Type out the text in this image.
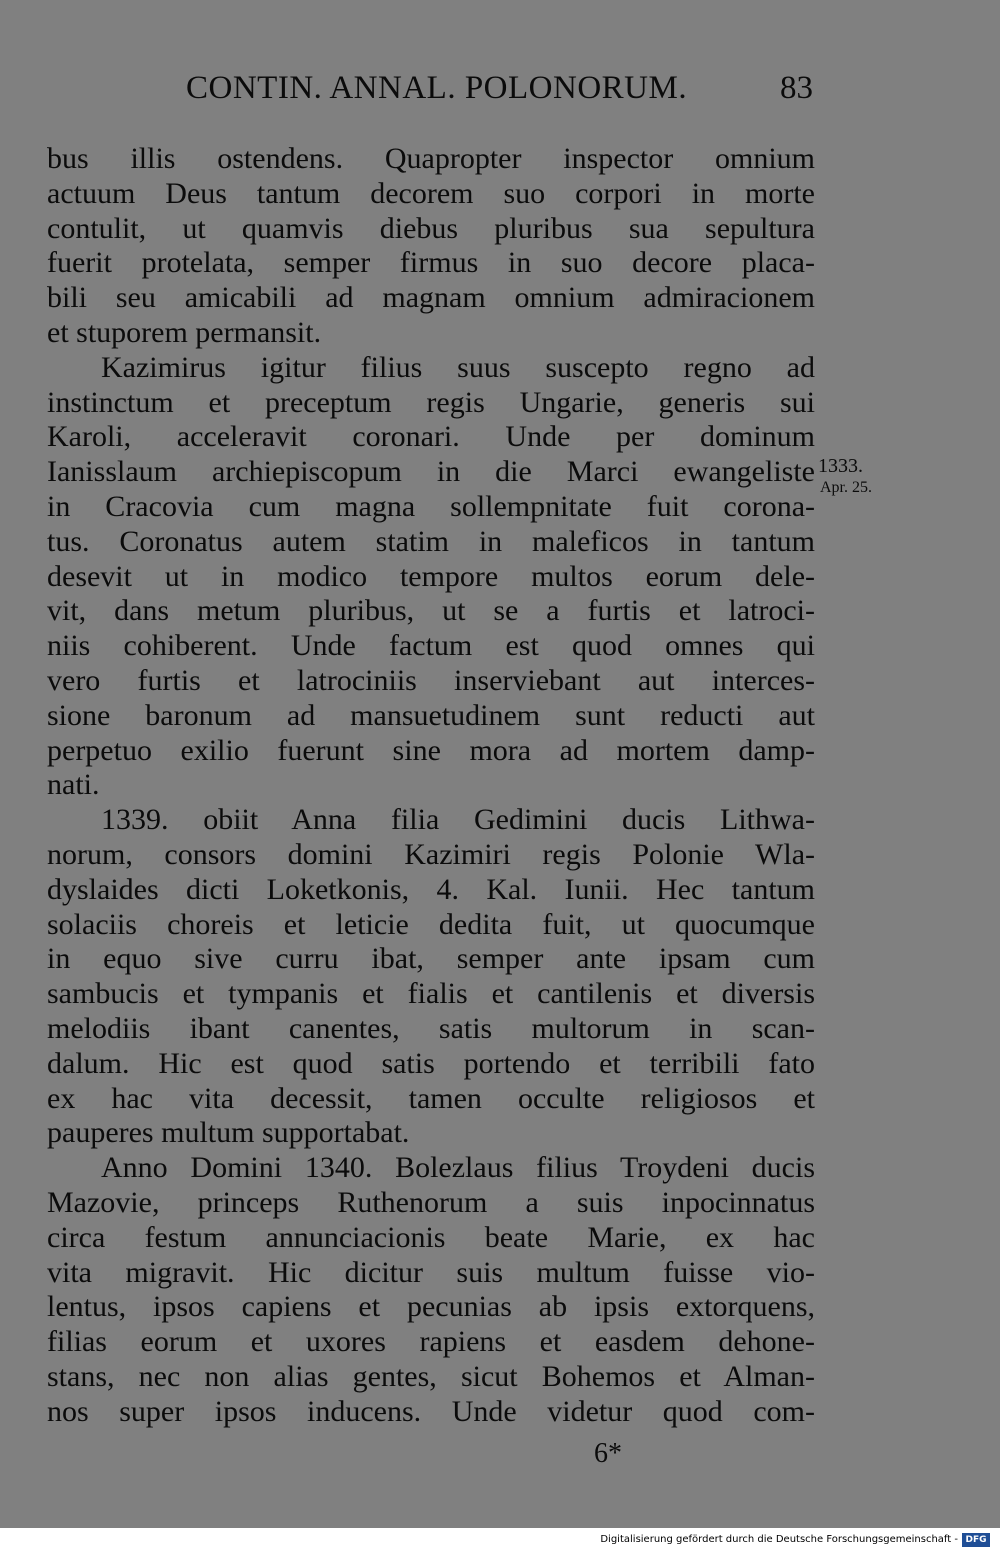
CONTIN. ANNAL. POLONORUM.	83
bus illis ostendens. Quapropter inspector omnium
actuum Deus tantum decorem suo corpori in morte
contulit, ut quamvis diebus pluribus sua sepultura
fuerit protelata, semper firmus in suo decore placa-
bili seu amicabili ad magnam omnium admiracionem
et stuporem permansit.
Kazimirus igitur filius suus suscepto regno ad
instinctum et preceptum regis Ungarie, generis sui
Karoli, acceleravit coronari. Unde per dominum
Ianisslaum archiepiscopum in die Marci ewangeliste
in Cracovia cum magna sollempnitate fuit corona-
tus. Coronatus autem statim in maleficos in tantum
desevit ut in modico tempore multos eorum dele-
vit, dans metum pluribus, ut se a furtis et latroci-
niis cohiberent. Unde factum est quod omnes qui
vero furtis et latrociniis inserviebant aut interces-
sione baronum ad mansuetudinem sunt reducti aut
perpetuo exilio fuerunt sine mora ad mortem damp-
nati.
1339. obiit Anna filia Gedimini ducis Lithwa-
norum, consors domini Kazimiri regis Polonie Wla-
dyslaides dicti Loketkonis, 4. Kal. Iunii. Hec tantum
solaciis choreis et leticie dedita fuit, ut quocumque
in equo sive curru ibat, semper ante ipsam cum
sambucis et tympanis et fialis et cantilenis et diversis
melodiis ibant canentes, satis multorum in scan-
dalum. Hic est quod satis portendo et terribili fato
ex hac vita decessit, tamen occulte religiosos et
pauperes multum supportabat.
Anno Domini 1340. Bolezlaus filius Troydeni ducis
Mazovie, princeps Ruthenorum a suis inpocinnatus
circa festum annunciacionis beate Marie, ex hac
vita migravit. Hic dicitur suis multum fuisse vio-
lentus, ipsos capiens et pecunias ab ipsis extorquens,
filias eorum et uxores rapiens et easdem dehone-
stans, nec non alias gentes, sicut Bohemos et Alman-
nos super ipsos inducens. Unde videtur quod com-
1333.
Apr. 25.
6*
Digitalisierung gefördert durch die Deutsche Forschungsgemeinschaft - DFG
